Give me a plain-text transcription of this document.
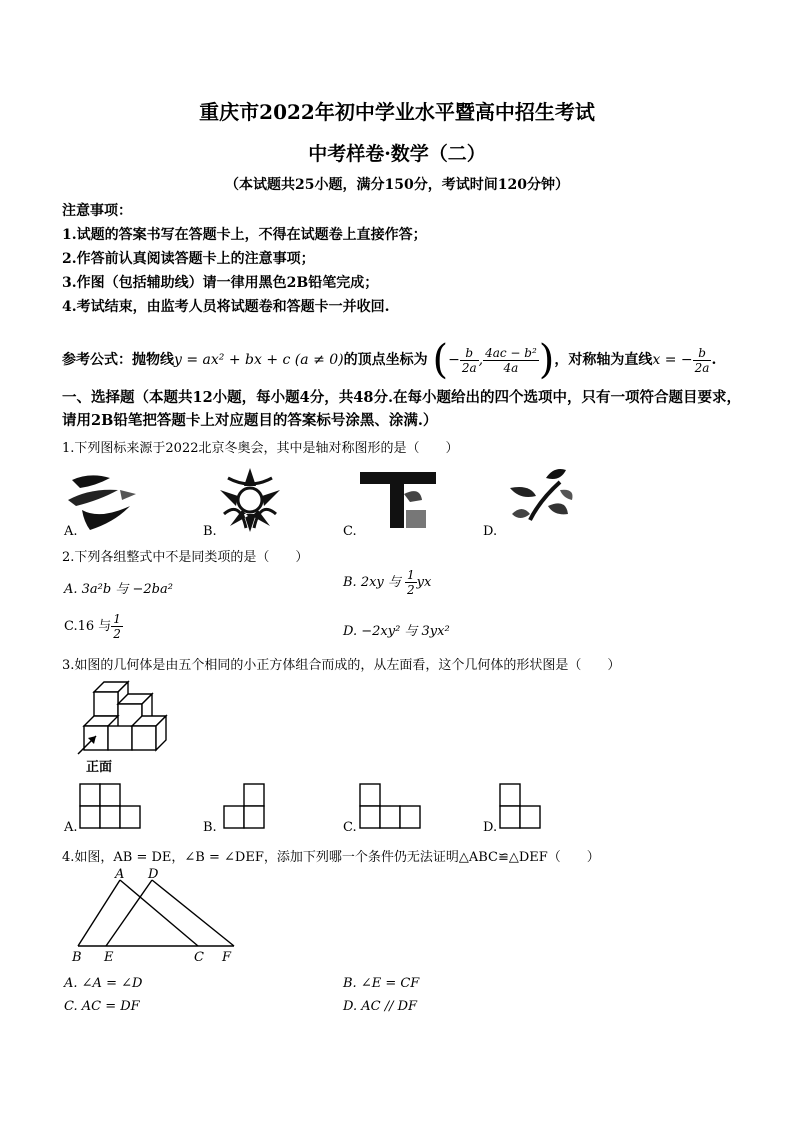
重庆市2022年初中学业水平暨高中招生考试
中考样卷·数学（二）
（本试题共25小题，满分150分，考试时间120分钟）
注意事项：
1.试题的答案书写在答题卡上，不得在试题卷上直接作答；
2.作答前认真阅读答题卡上的注意事项；
3.作图（包括辅助线）请一律用黑色2B铅笔完成；
4.考试结束，由监考人员将试题卷和答题卡一并收回.
参考公式：抛物线y = ax² + bx + c (a ≠ 0)的顶点坐标为 (− $\frac{b}{2a}$ , $\frac{\text{4ac − b²}}{4a}$ )，对称轴为直线x = − $\frac{b}{2a}$ .
一、选择题（本题共12小题，每小题4分，共48分.在每小题给出的四个选项中，只有一项符合题目要求，请用2B铅笔把答题卡上对应题目的答案标号涂黑、涂满.）
1.下列图标来源于2022北京冬奥会，其中是轴对称图形的是（　　）
A.	B.	C.	D.
2.下列各组整式中不是同类项的是（　　）
A. 3a²b 与 −2ba²	B. 2xy 与 $\frac{1}{2}$ yx
C.16 与 $\frac{1}{2}$	D. −2xy² 与 3yx²
3.如图的几何体是由五个相同的小正方体组合而成的，从左面看，这个几何体的形状图是（　　）
正面
A.	B.	C.	D.
4.如图，AB = DE，∠B = ∠DEF，添加下列哪一个条件仍无法证明△ABC≌△DEF（　　）
A D
B E	C F
A. ∠A = ∠D	B. ∠E = CF
C. AC = DF	D. AC // DF
